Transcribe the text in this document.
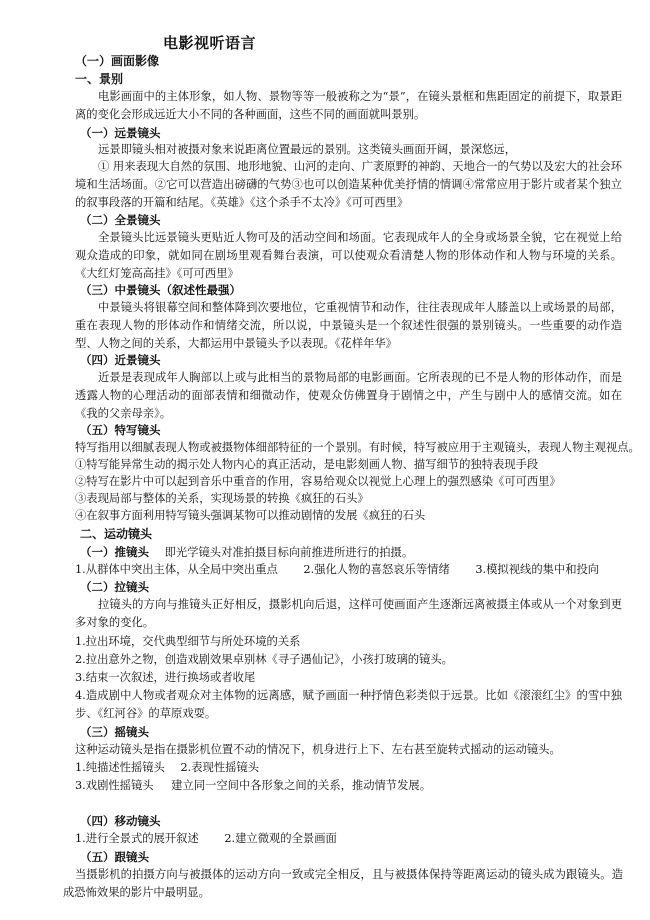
电影视听语言
（一）画面影像
一、景别
电影画面中的主体形象，如人物、景物等等一般被称之为“景”，在镜头景框和焦距固定的前提下，取景距离的变化会形成远近大小不同的各种画面，这些不同的画面就叫景别。
（一）远景镜头
远景即镜头相对被摄对象来说距离位置最远的景别。这类镜头画面开阔，景深悠远，
① 用来表现大自然的氛围、地形地貌、山河的走向、广袤原野的神韵、天地合一的气势以及宏大的社会环境和生活场面。②它可以营造出磅礴的气势③也可以创造某种优美抒情的情调④常常应用于影片或者某个独立的叙事段落的开篇和结尾。《英雄》《这个杀手不太冷》《可可西里》
（二）全景镜头
全景镜头比远景镜头更贴近人物可及的活动空间和场面。它表现成年人的全身或场景全貌，它在视觉上给观众造成的印象，就如同在剧场里观看舞台表演，可以使观众看清楚人物的形体动作和人物与环境的关系。《大红灯笼高高挂》《可可西里》
（三）中景镜头（叙述性最强）
中景镜头将银幕空间和整体降到次要地位，它重视情节和动作，往往表现成年人膝盖以上或场景的局部，重在表现人物的形体动作和情绪交流，所以说，中景镜头是一个叙述性很强的景别镜头。一些重要的动作造型、人物之间的关系，大都运用中景镜头予以表现。《花样年华》
（四）近景镜头
近景是表现成年人胸部以上或与此相当的景物局部的电影画面。它所表现的已不是人物的形体动作，而是透露人物的心理活动的面部表情和细微动作，使观众仿佛置身于剧情之中，产生与剧中人的感情交流。如在《我的父亲母亲》。
（五）特写镜头
特写指用以细腻表现人物或被摄物体细部特征的一个景别。有时候，特写被应用于主观镜头，表现人物主观视点。
①特写能异常生动的揭示处人物内心的真正活动，是电影刻画人物、描写细节的独特表现手段
②特写在影片中可以起到音乐中重音的作用，容易给观众以视觉上心理上的强烈感染《可可西里》
③表现局部与整体的关系，实现场景的转换《疯狂的石头》
④在叙事方面利用特写镜头强调某物可以推动剧情的发展《疯狂的石头
二、运动镜头
（一）推镜头 即光学镜头对准拍摄目标向前推进所进行的拍摄。
1.从群体中突出主体，从全局中突出重点 2.强化人物的喜怒哀乐等情绪 3.模拟视线的集中和投向
（二）拉镜头
拉镜头的方向与推镜头正好相反，摄影机向后退，这样可使画面产生逐渐远离被摄主体或从一个对象到更多对象的变化。
1.拉出环境，交代典型细节与所处环境的关系
2.拉出意外之物，创造戏剧效果卓别林《寻子遇仙记》，小孩打玻璃的镜头。
3.结束一次叙述，进行换场或者收尾
4.造成剧中人物或者观众对主体物的远离感，赋予画面一种抒情色彩类似于远景。比如《滚滚红尘》的雪中独步、《红河谷》的草原戏耍。
（三）摇镜头
这种运动镜头是指在摄影机位置不动的情况下，机身进行上下、左右甚至旋转式摇动的运动镜头。
1.纯描述性摇镜头 2.表现性摇镜头
3.戏剧性摇镜头 建立同一空间中各形象之间的关系，推动情节发展。
（四）移动镜头
1.进行全景式的展开叙述 2.建立微观的全景画面
（五）跟镜头
当摄影机的拍摄方向与被摄体的运动方向一致或完全相反，且与被摄体保持等距离运动的镜头成为跟镜头。造成恐怖效果的影片中最明显。
